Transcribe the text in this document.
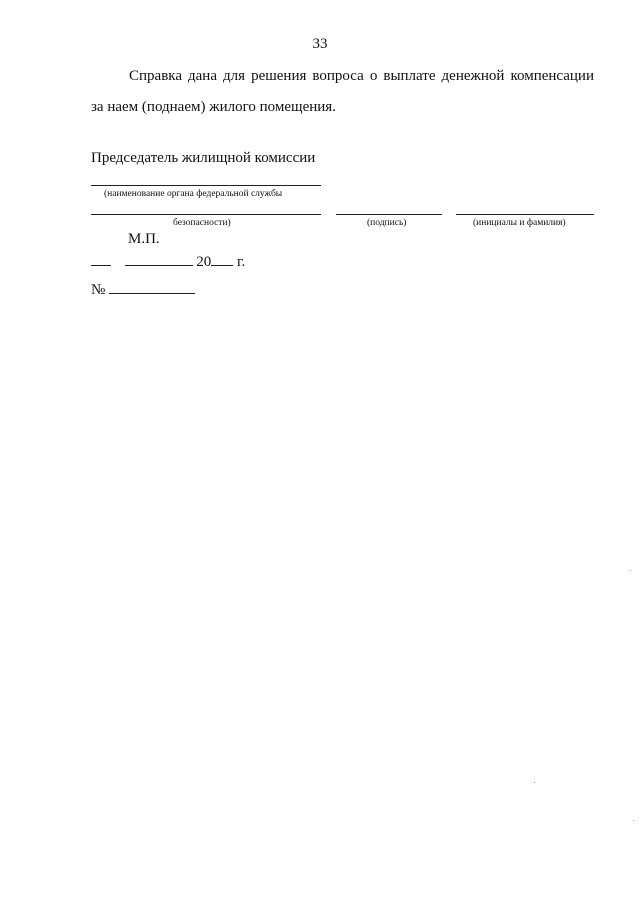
33
Справка дана для решения вопроса о выплате денежной компенсации
за наем (поднаем) жилого помещения.
Председатель жилищной комиссии
(наименование органа федеральной службы
безопасности)	(подпись)	(инициалы и фамилия)
М.П.
20 г.
№
